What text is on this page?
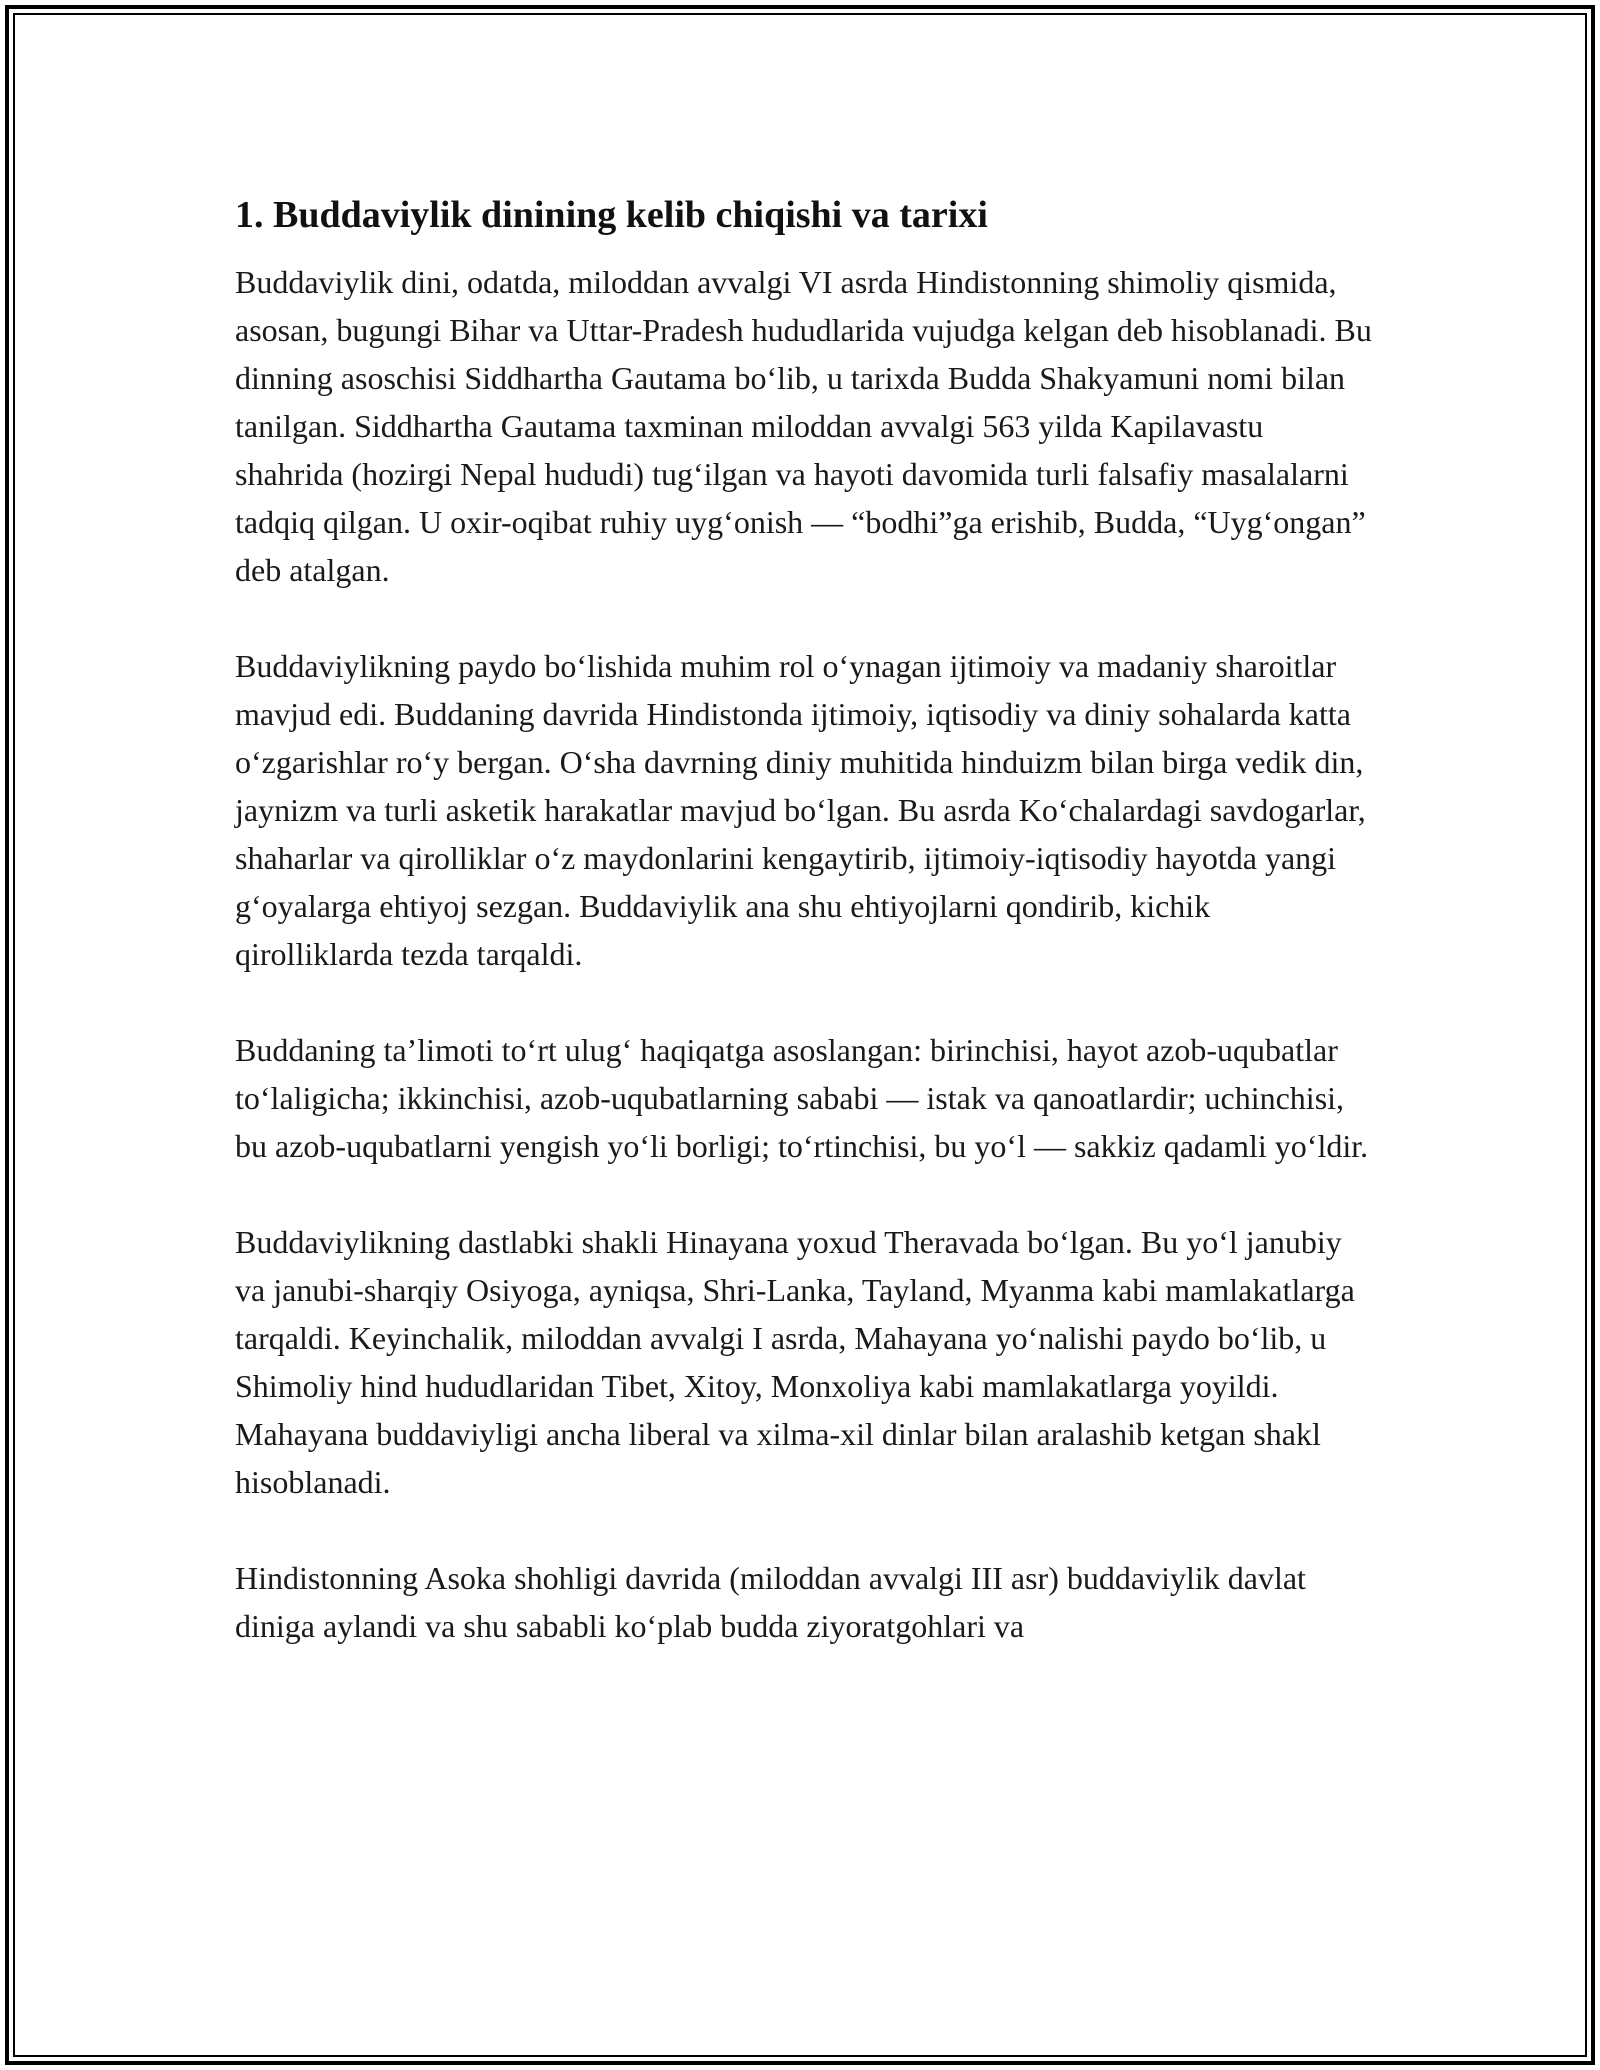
1. Buddaviylik dinining kelib chiqishi va tarixi

Buddaviylik dini, odatda, miloddan avvalgi VI asrda Hindistonning shimoliy qismida, asosan, bugungi Bihar va Uttar-Pradesh hududlarida vujudga kelgan deb hisoblanadi. Bu dinning asoschisi Siddhartha Gautama bo‘lib, u tarixda Budda Shakyamuni nomi bilan tanilgan. Siddhartha Gautama taxminan miloddan avvalgi 563 yilda Kapilavastu shahrida (hozirgi Nepal hududi) tug‘ilgan va hayoti davomida turli falsafiy masalalarni tadqiq qilgan. U oxir-oqibat ruhiy uyg‘onish — “bodhi”ga erishib, Budda, “Uyg‘ongan” deb atalgan.

Buddaviylikning paydo bo‘lishida muhim rol o‘ynagan ijtimoiy va madaniy sharoitlar mavjud edi. Buddaning davrida Hindistonda ijtimoiy, iqtisodiy va diniy sohalarda katta o‘zgarishlar ro‘y bergan. O‘sha davrning diniy muhitida hinduizm bilan birga vedik din, jaynizm va turli asketik harakatlar mavjud bo‘lgan. Bu asrda Ko‘chalardagi savdogarlar, shaharlar va qirolliklar o‘z maydonlarini kengaytirib, ijtimoiy-iqtisodiy hayotda yangi g‘oyalarga ehtiyoj sezgan. Buddaviylik ana shu ehtiyojlarni qondirib, kichik qirolliklarda tezda tarqaldi.

Buddaning ta’limoti to‘rt ulug‘ haqiqatga asoslangan: birinchisi, hayot azob-uqubatlar to‘laligicha; ikkinchisi, azob-uqubatlarning sababi — istak va qanoatlardir; uchinchisi, bu azob-uqubatlarni yengish yo‘li borligi; to‘rtinchisi, bu yo‘l — sakkiz qadamli yo‘ldir.

Buddaviylikning dastlabki shakli Hinayana yoxud Theravada bo‘lgan. Bu yo‘l janubiy va janubi-sharqiy Osiyoga, ayniqsa, Shri-Lanka, Tayland, Myanma kabi mamlakatlarga tarqaldi. Keyinchalik, miloddan avvalgi I asrda, Mahayana yo‘nalishi paydo bo‘lib, u Shimoliy hind hududlaridan Tibet, Xitoy, Monxoliya kabi mamlakatlarga yoyildi. Mahayana buddaviyligi ancha liberal va xilma-xil dinlar bilan aralashib ketgan shakl hisoblanadi.

Hindistonning Asoka shohligi davrida (miloddan avvalgi III asr) buddaviylik davlat diniga aylandi va shu sababli ko‘plab budda ziyoratgohlari va
